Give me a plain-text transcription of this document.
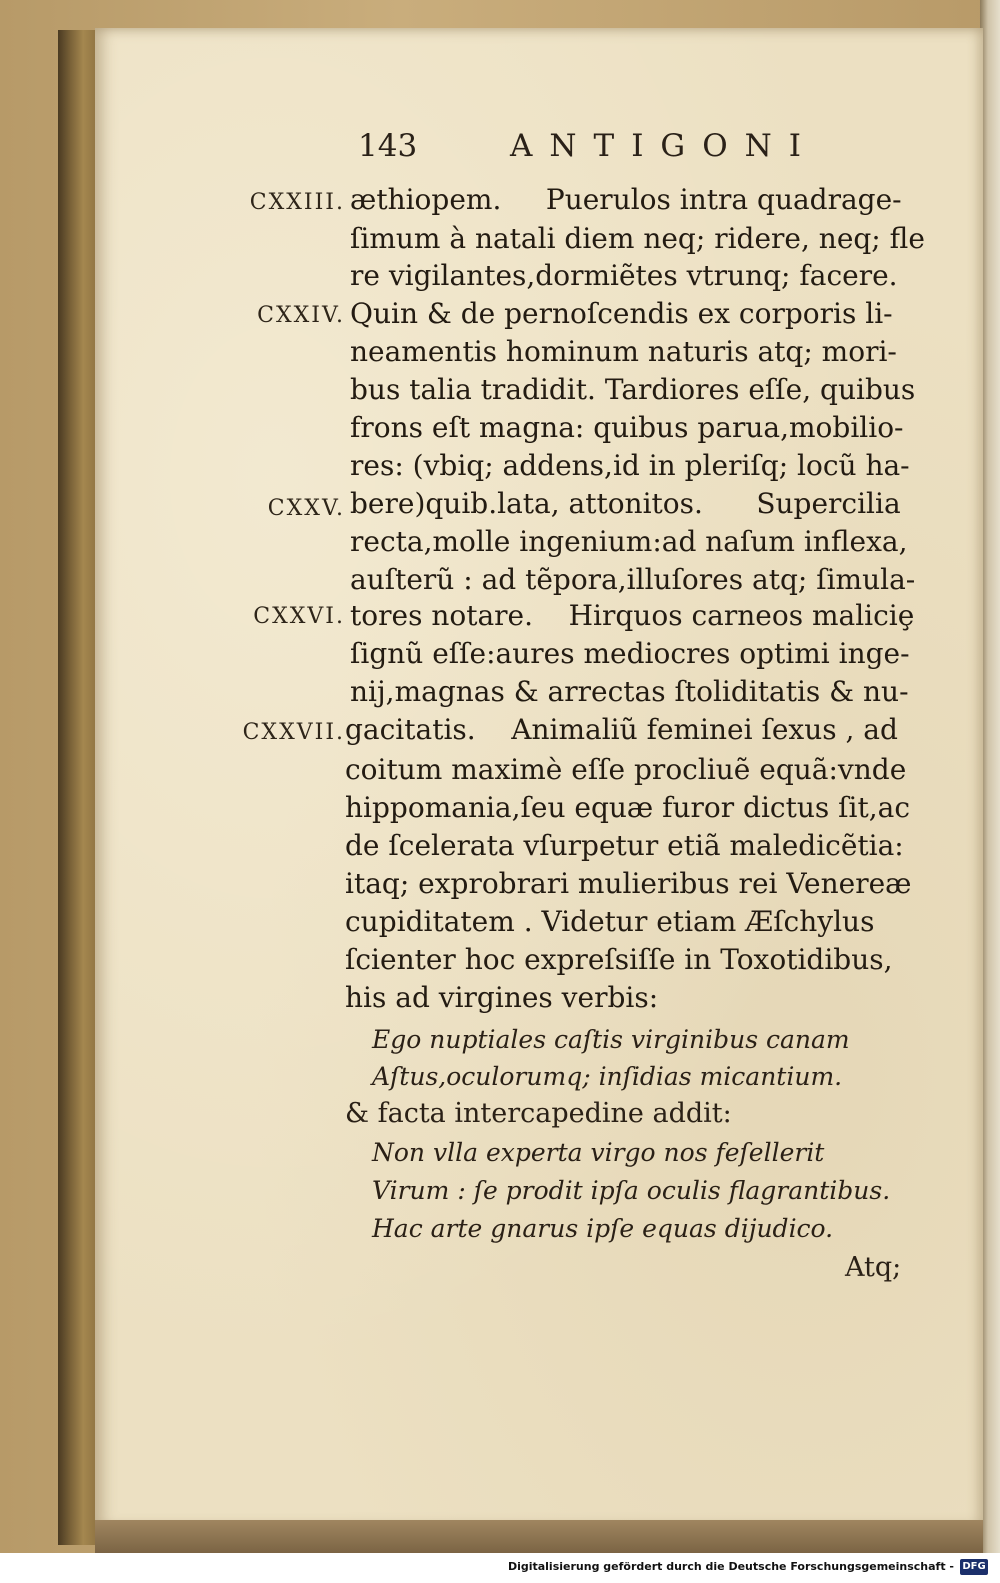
143	ANTIGONI
CXXIII.
CXXIV.
CXXV.
CXXVI.
CXXVII.
æthiopem.     Puerulos intra quadrage-
ſimum à natali diem neq; ridere, neq; fle
re vigilantes,dormiẽtes vtrunq; facere.
Quin & de pernoſcendis ex corporis li-
neamentis hominum naturis atq; mori-
bus talia tradidit. Tardiores eſſe, quibus
frons eſt magna: quibus parua,mobilio-
res: (vbiq; addens,id in pleriſq; locũ ha-
bere)quib.lata, attonitos.      Supercilia
recta,molle ingenium:ad naſum inflexa,
auſterũ : ad tẽpora,illuſores atq; ſimula-
tores notare.    Hirquos carneos maliciȩ
ſignũ eſſe:aures mediocres optimi inge-
nij,magnas & arrectas ſtoliditatis & nu-
gacitatis.    Animaliũ feminei ſexus , ad
coitum maximè eſſe procliuẽ equã:vnde
hippomania,ſeu equæ furor dictus ſit,ac
de ſcelerata vſurpetur etiã maledicẽtia:
itaq; exprobrari mulieribus rei Venereæ
cupiditatem . Videtur etiam Æſchylus
ſcienter hoc expreſsiſſe in Toxotidibus,
his ad virgines verbis:
Ego nuptiales caſtis virginibus canam
Aſtus,oculorumq; inſidias micantium.
& facta intercapedine addit:
Non vlla experta virgo nos feſellerit
Virum : ſe prodit ipſa oculis flagrantibus.
Hac arte gnarus ipſe equas dijudico.
Atq;
Digitalisierung gefördert durch die Deutsche Forschungsgemeinschaft - DFG
